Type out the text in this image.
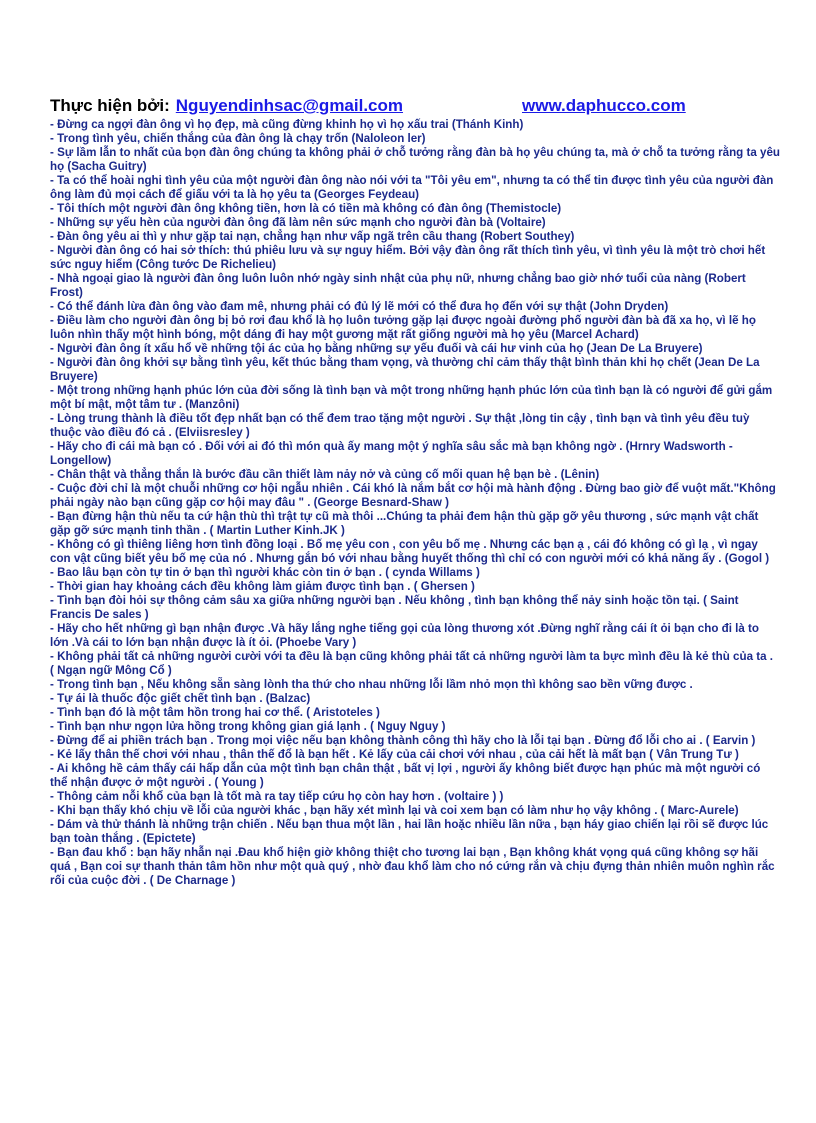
Thực hiện bởi: Nguyendinhsac@gmail.com	www.daphucco.com
- Đừng ca ngợi đàn ông vì họ đẹp, mà cũng đừng khinh họ vì họ xấu trai (Thánh Kinh)
- Trong tình yêu, chiến thắng của đàn ông là chạy trốn (Naloleon ler)
- Sự lầm lẫn to nhất của bọn đàn ông chúng ta không phải ở chỗ tưởng rằng đàn bà họ yêu chúng ta, mà ở chỗ ta tưởng rằng ta yêu họ (Sacha Guitry)
- Ta có thể hoài nghi tình yêu của một người đàn ông nào nói với ta "Tôi yêu em", nhưng ta có thể tin được tình yêu của người đàn ông làm đủ mọi cách để giấu với ta là họ yêu ta (Georges Feydeau)
- Tôi thích một người đàn ông không tiền, hơn là có tiền mà không có đàn ông (Themistocle)
- Những sự yếu hèn của người đàn ông đã làm nên sức mạnh cho người đàn bà (Voltaire)
- Đàn ông yêu ai thì y như gặp tai nạn, chẳng hạn như vấp ngã trên cầu thang (Robert Southey)
- Người đàn ông có hai sở thích: thú phiêu lưu và sự nguy hiểm. Bởi vậy đàn ông rất thích tình yêu, vì tình yêu là một trò chơi hết sức nguy hiểm (Công tước De Richelieu)
- Nhà ngoại giao là người đàn ông luôn luôn nhớ ngày sinh nhật của phụ nữ, nhưng chẳng bao giờ nhớ tuổi của nàng (Robert Frost)
- Có thể đánh lừa đàn ông vào đam mê, nhưng phải có đủ lý lẽ mới có thể đưa họ đến với sự thật (John Dryden)
- Điều làm cho người đàn ông bị bỏ rơi đau khổ là họ luôn tưởng gặp lại được ngoài đường phố người đàn bà đã xa họ, vì lẽ họ luôn nhìn thấy một hình bóng, một dáng đi hay một gương mặt rất giống người mà họ yêu (Marcel Achard)
- Người đàn ông ít xấu hổ về những tội ác của họ bằng những sự yếu đuối và cái hư vinh của họ (Jean De La Bruyere)
- Người đàn ông khởi sự bằng tình yêu, kết thúc bằng tham vọng, và thường chỉ cảm thấy thật bình thản khi họ chết (Jean De La Bruyere)
- Một trong những hạnh phúc lớn của đời sống là tình bạn và một trong những hạnh phúc lớn của tình bạn là có người để gửi gắm một bí mật, một tâm tư . (Manzôni)
- Lòng trung thành là điều tốt đẹp nhất bạn có thể đem trao tặng một người . Sự thật ,lòng tin cậy , tình bạn và tình yêu đều tuỳ thuộc vào điều đó cả . (Elviisresley )
- Hãy cho đi cái mà bạn có . Đối với ai đó thì món quà ấy mang một ý nghĩa sâu sắc mà bạn không ngờ . (Hrnry Wadsworth - Longellow)
- Chân thật và thẳng thắn là bước đầu cần thiết làm nảy nở và củng cố mối quan hệ bạn bè . (Lênin)
- Cuộc đời chỉ là một chuỗi những cơ hội ngẫu nhiên . Cái khó là nắm bắt cơ hội mà hành động . Đừng bao giờ để vuột mất."Không phải ngày nào bạn cũng gặp cơ hội may đâu " . (George Besnard-Shaw )
- Bạn đừng hận thù nếu ta cứ hận thù thì trật tự cũ mà thôi ...Chúng ta phải đem hận thù gặp gỡ yêu thương , sức mạnh vật chất gặp gỡ sức mạnh tinh thần . ( Martin Luther Kinh.JK )
- Không có gì thiêng liêng hơn tình đồng loại . Bố mẹ yêu con , con yêu bố mẹ . Nhưng các bạn ạ , cái đó không có gì lạ , vì ngay con vật cũng biết yêu bố mẹ của nó . Nhưng gắn bó với nhau bằng huyết thống thì chỉ có con người mới có khả năng ấy . (Gogol )
- Bao lâu bạn còn tự tin ở bạn thì người khác còn tin ở bạn . ( cynda Willams )
- Thời gian hay khoảng cách đều không làm giảm được tình bạn . ( Ghersen )
- Tình bạn đòi hỏi sự thông cảm sâu xa giữa những người bạn . Nếu không , tình bạn không thể nảy sinh hoặc tồn tại. ( Saint Francis De sales )
- Hãy cho hết những gì bạn nhận được .Và hãy lắng nghe tiếng gọi của lòng thương xót .Đừng nghĩ rằng cái ít ỏi bạn cho đi là to lớn .Và cái to lớn bạn nhận được là ít ỏi. (Phoebe Vary )
- Không phải tất cả những người cười với ta đều là bạn cũng không phải tất cả những người làm ta bực mình đều là kẻ thù của ta . ( Ngạn ngữ Mông Cổ )
- Trong tình bạn , Nếu không sẵn sàng lònh tha thứ cho nhau những lỗi lầm nhỏ mọn thì không sao bền vững được .
- Tự ái là thuốc độc giết chết tình bạn . (Balzac)
- Tình bạn đó là một tâm hồn trong hai cơ thể. ( Aristoteles )
- Tình bạn như ngọn lửa hồng trong không gian giá lạnh . ( Nguy Nguy )
- Đừng để ai phiền trách bạn . Trong mọi việc nếu bạn không thành công thì hãy cho là lỗi tại bạn . Đừng đổ lỗi cho ai . ( Earvin )
- Kẻ lấy thân thế chơi với nhau , thân thế đổ là bạn hết . Kẻ lấy của cải chơi với nhau , của cải hết là mất bạn ( Vân Trung Tư )
- Ai không hề cảm thấy cái hấp dẫn của một tình bạn chân thật , bất vị lợi , người ấy không biết được hạn phúc mà một người có thể nhận được ở một người . ( Young )
- Thông cảm nỗi khổ của bạn là tốt mà ra tay tiếp cứu họ còn hay hơn . (voltaire ) )
- Khi bạn thấy khó chịu về lỗi của người khác , bạn hãy xét mình lại và coi xem bạn có làm như họ vậy không . ( Marc-Aurele)
- Dám và thử thánh là những trận chiến . Nếu bạn thua một lần , hai lần hoặc nhiều lần nữa , bạn háy giao chiến lại rồi sẽ được lúc bạn toàn thắng . (Epictete)
- Bạn đau khổ : bạn hãy nhẫn nại .Đau khổ hiện giờ không thiệt cho tương lai bạn , Bạn không khát vọng quá cũng không sợ hãi quá , Bạn coi sự thanh thản tâm hồn như một quà quý , nhờ đau khổ làm cho nó cứng rắn và chịu đựng thản nhiên muôn nghìn rắc rối của cuộc đời . ( De Charnage )
